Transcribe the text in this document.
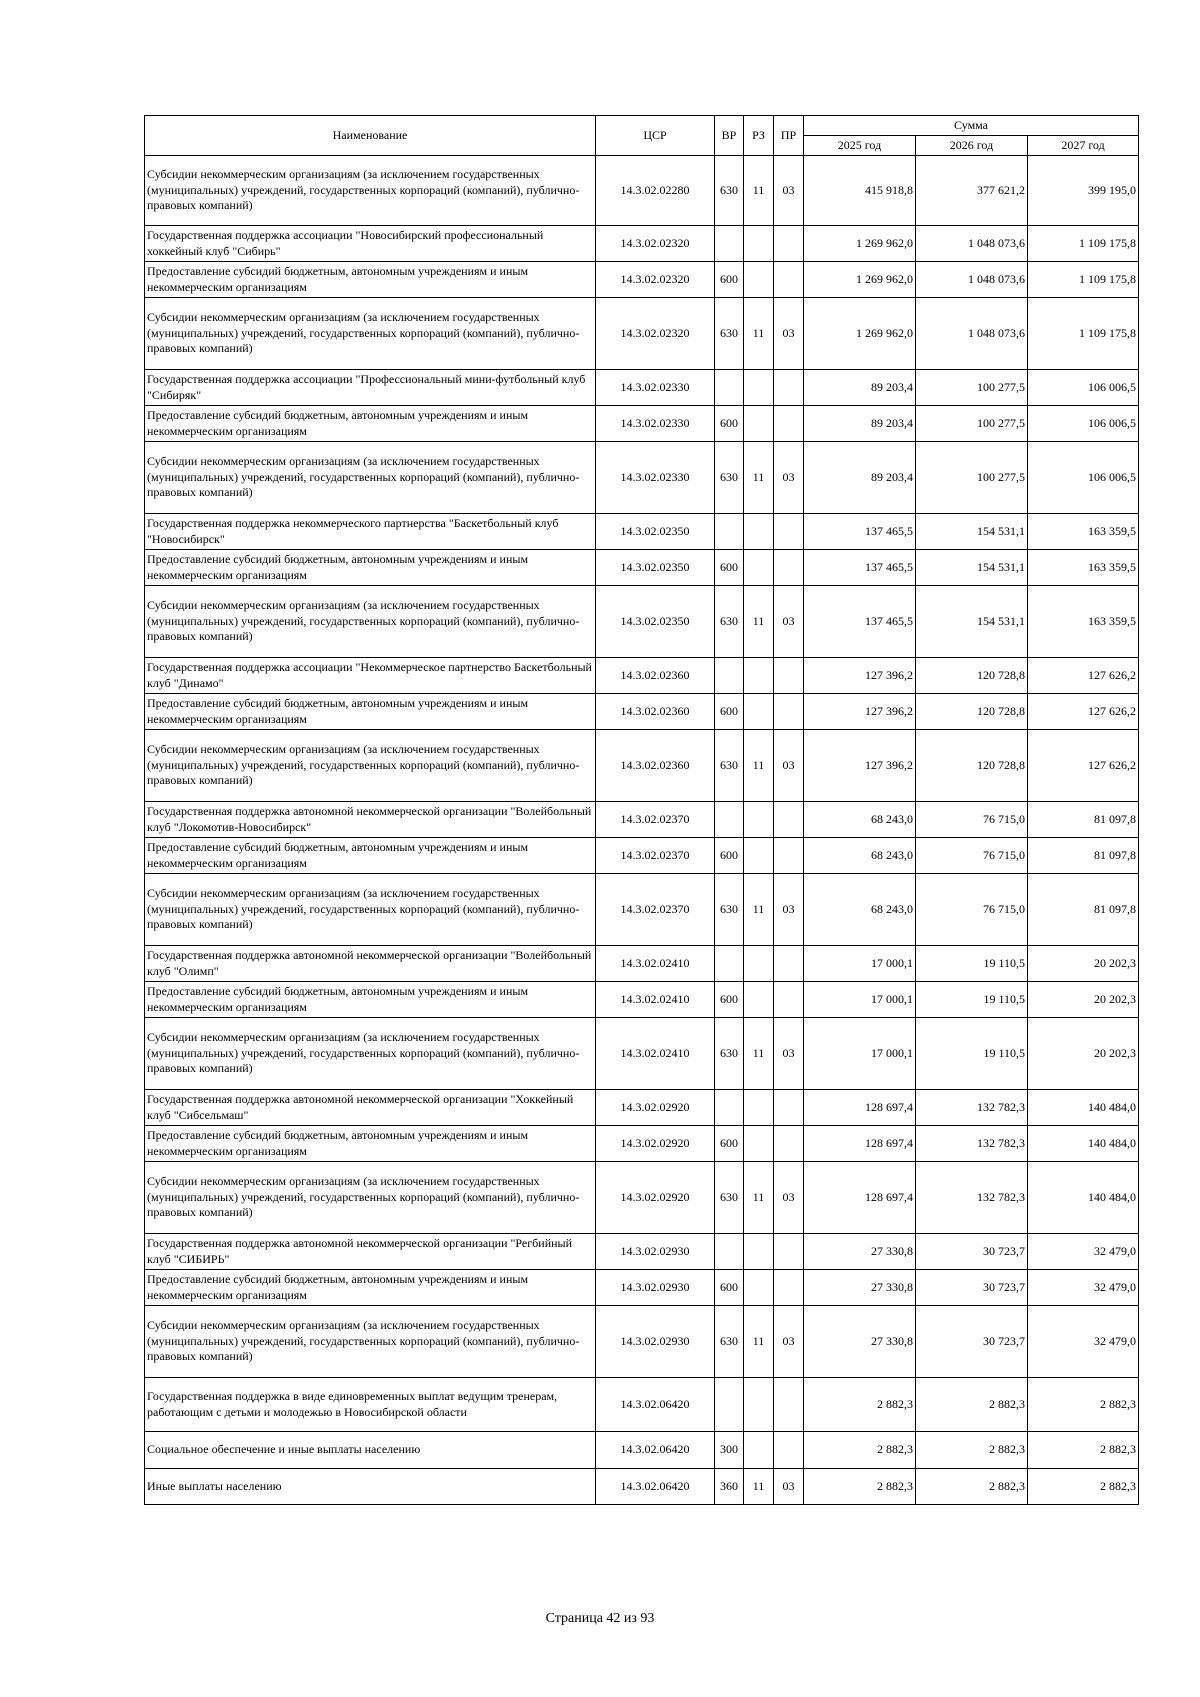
Наименование	ЦСР	ВР	РЗ	ПР	Сумма		
					2025 год	2026 год	2027 год
Субсидии некоммерческим организациям (за исключением государственных (муниципальных) учреждений, государственных корпораций (компаний), публично-правовых компаний)	14.3.02.02280	630	11	03	415 918,8	377 621,2	399 195,0
Государственная поддержка ассоциации "Новосибирский профессиональный хоккейный клуб "Сибирь"	14.3.02.02320				1 269 962,0	1 048 073,6	1 109 175,8
Предоставление субсидий бюджетным, автономным учреждениям и иным некоммерческим организациям	14.3.02.02320	600			1 269 962,0	1 048 073,6	1 109 175,8
Субсидии некоммерческим организациям (за исключением государственных (муниципальных) учреждений, государственных корпораций (компаний), публично-правовых компаний)	14.3.02.02320	630	11	03	1 269 962,0	1 048 073,6	1 109 175,8
Государственная поддержка ассоциации "Профессиональный мини-футбольный клуб "Сибиряк"	14.3.02.02330				89 203,4	100 277,5	106 006,5
Предоставление субсидий бюджетным, автономным учреждениям и иным некоммерческим организациям	14.3.02.02330	600			89 203,4	100 277,5	106 006,5
Субсидии некоммерческим организациям (за исключением государственных (муниципальных) учреждений, государственных корпораций (компаний), публично-правовых компаний)	14.3.02.02330	630	11	03	89 203,4	100 277,5	106 006,5
Государственная поддержка некоммерческого партнерства "Баскетбольный клуб "Новосибирск"	14.3.02.02350				137 465,5	154 531,1	163 359,5
Предоставление субсидий бюджетным, автономным учреждениям и иным некоммерческим организациям	14.3.02.02350	600			137 465,5	154 531,1	163 359,5
Субсидии некоммерческим организациям (за исключением государственных (муниципальных) учреждений, государственных корпораций (компаний), публично-правовых компаний)	14.3.02.02350	630	11	03	137 465,5	154 531,1	163 359,5
Государственная поддержка ассоциации "Некоммерческое партнерство Баскетбольный клуб "Динамо"	14.3.02.02360				127 396,2	120 728,8	127 626,2
Предоставление субсидий бюджетным, автономным учреждениям и иным некоммерческим организациям	14.3.02.02360	600			127 396,2	120 728,8	127 626,2
Субсидии некоммерческим организациям (за исключением государственных (муниципальных) учреждений, государственных корпораций (компаний), публично-правовых компаний)	14.3.02.02360	630	11	03	127 396,2	120 728,8	127 626,2
Государственная поддержка автономной некоммерческой организации "Волейбольный клуб "Локомотив-Новосибирск"	14.3.02.02370				68 243,0	76 715,0	81 097,8
Предоставление субсидий бюджетным, автономным учреждениям и иным некоммерческим организациям	14.3.02.02370	600			68 243,0	76 715,0	81 097,8
Субсидии некоммерческим организациям (за исключением государственных (муниципальных) учреждений, государственных корпораций (компаний), публично-правовых компаний)	14.3.02.02370	630	11	03	68 243,0	76 715,0	81 097,8
Государственная поддержка автономной некоммерческой организации "Волейбольный клуб "Олимп"	14.3.02.02410				17 000,1	19 110,5	20 202,3
Предоставление субсидий бюджетным, автономным учреждениям и иным некоммерческим организациям	14.3.02.02410	600			17 000,1	19 110,5	20 202,3
Субсидии некоммерческим организациям (за исключением государственных (муниципальных) учреждений, государственных корпораций (компаний), публично-правовых компаний)	14.3.02.02410	630	11	03	17 000,1	19 110,5	20 202,3
Государственная поддержка автономной некоммерческой организации "Хоккейный клуб "Сибсельмаш"	14.3.02.02920				128 697,4	132 782,3	140 484,0
Предоставление субсидий бюджетным, автономным учреждениям и иным некоммерческим организациям	14.3.02.02920	600			128 697,4	132 782,3	140 484,0
Субсидии некоммерческим организациям (за исключением государственных (муниципальных) учреждений, государственных корпораций (компаний), публично-правовых компаний)	14.3.02.02920	630	11	03	128 697,4	132 782,3	140 484,0
Государственная поддержка автономной некоммерческой организации "Регбийный клуб "СИБИРЬ"	14.3.02.02930				27 330,8	30 723,7	32 479,0
Предоставление субсидий бюджетным, автономным учреждениям и иным некоммерческим организациям	14.3.02.02930	600			27 330,8	30 723,7	32 479,0
Субсидии некоммерческим организациям (за исключением государственных (муниципальных) учреждений, государственных корпораций (компаний), публично-правовых компаний)	14.3.02.02930	630	11	03	27 330,8	30 723,7	32 479,0
Государственная поддержка в виде единовременных выплат ведущим тренерам, работающим с детьми и молодежью в Новосибирской области	14.3.02.06420				2 882,3	2 882,3	2 882,3
Социальное обеспечение и иные выплаты населению	14.3.02.06420	300			2 882,3	2 882,3	2 882,3
Иные выплаты населению	14.3.02.06420	360	11	03	2 882,3	2 882,3	2 882,3
Страница 42 из 93
